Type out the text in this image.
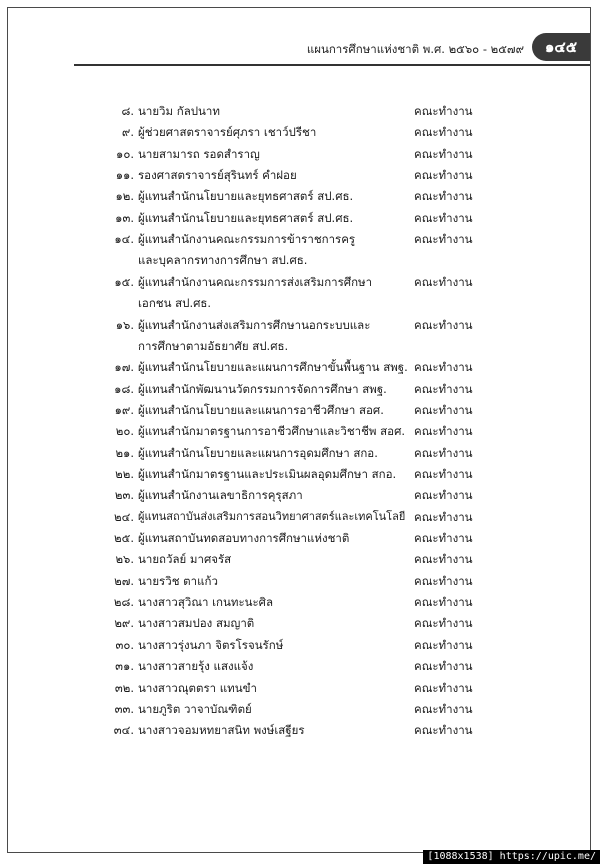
แผนการศึกษาแห่งชาติ พ.ศ. ๒๕๖๐ - ๒๕๗๙	๑๔๕
๘. นายวิม กัลปนาท	คณะทำงาน
๙. ผู้ช่วยศาสตราจารย์ศุภรา เชาว์ปรีชา	คณะทำงาน
๑๐. นายสามารถ รอดสำราญ	คณะทำงาน
๑๑. รองศาสตราจารย์สุรินทร์ คำฝอย	คณะทำงาน
๑๒. ผู้แทนสำนักนโยบายและยุทธศาสตร์ สป.ศธ.	คณะทำงาน
๑๓. ผู้แทนสำนักนโยบายและยุทธศาสตร์ สป.ศธ.	คณะทำงาน
๑๔. ผู้แทนสำนักงานคณะกรรมการข้าราชการครู	คณะทำงาน
และบุคลากรทางการศึกษา สป.ศธ.
๑๕. ผู้แทนสำนักงานคณะกรรมการส่งเสริมการศึกษา	คณะทำงาน
เอกชน สป.ศธ.
๑๖. ผู้แทนสำนักงานส่งเสริมการศึกษานอกระบบและ	คณะทำงาน
การศึกษาตามอัธยาศัย สป.ศธ.
๑๗. ผู้แทนสำนักนโยบายและแผนการศึกษาขั้นพื้นฐาน สพฐ. คณะทำงาน
๑๘. ผู้แทนสำนักพัฒนานวัตกรรมการจัดการศึกษา สพฐ.	คณะทำงาน
๑๙. ผู้แทนสำนักนโยบายและแผนการอาชีวศึกษา สอศ.	คณะทำงาน
๒๐. ผู้แทนสำนักมาตรฐานการอาชีวศึกษาและวิชาชีพ สอศ. คณะทำงาน
๒๑. ผู้แทนสำนักนโยบายและแผนการอุดมศึกษา สกอ.	คณะทำงาน
๒๒. ผู้แทนสำนักมาตรฐานและประเมินผลอุดมศึกษา สกอ.	คณะทำงาน
๒๓. ผู้แทนสำนักงานเลขาธิการคุรุสภา	คณะทำงาน
๒๔. ผู้แทนสถาบันส่งเสริมการสอนวิทยาศาสตร์และเทคโนโลยี คณะทำงาน
๒๕. ผู้แทนสถาบันทดสอบทางการศึกษาแห่งชาติ	คณะทำงาน
๒๖. นายถวัลย์ มาศจรัส	คณะทำงาน
๒๗. นายรวิช ตาแก้ว	คณะทำงาน
๒๘. นางสาวสุวิณา เกนทะนะศิล	คณะทำงาน
๒๙. นางสาวสมปอง สมญาติ	คณะทำงาน
๓๐. นางสาวรุ่งนภา จิตรโรจนรักษ์	คณะทำงาน
๓๑. นางสาวสายรุ้ง แสงแจ้ง	คณะทำงาน
๓๒. นางสาวณุตตรา แทนขำ	คณะทำงาน
๓๓. นายภูริต วาจาบัณฑิตย์	คณะทำงาน
๓๔. นางสาวจอมหทยาสนิท พงษ์เสฐียร	คณะทำงาน
[1088x1538] https://upic.me/
